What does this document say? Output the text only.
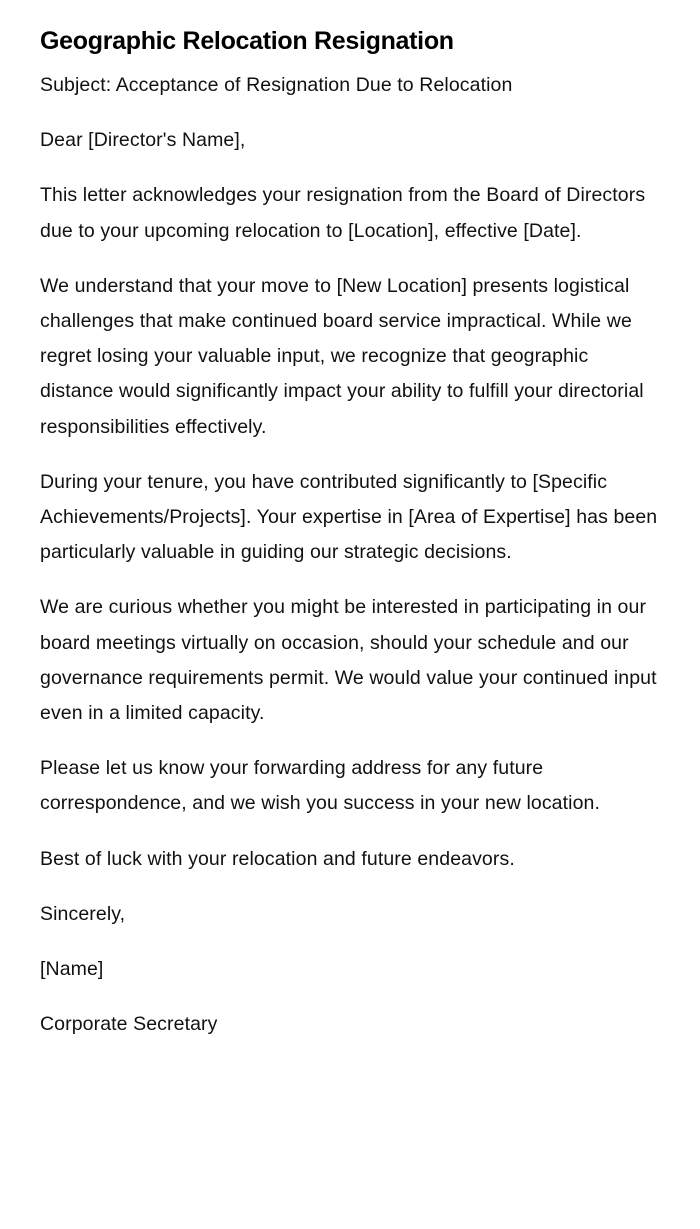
Geographic Relocation Resignation

Subject: Acceptance of Resignation Due to Relocation

Dear [Director's Name],

This letter acknowledges your resignation from the Board of Directors due to your upcoming relocation to [Location], effective [Date].

We understand that your move to [New Location] presents logistical challenges that make continued board service impractical. While we regret losing your valuable input, we recognize that geographic distance would significantly impact your ability to fulfill your directorial responsibilities effectively.

During your tenure, you have contributed significantly to [Specific Achievements/Projects]. Your expertise in [Area of Expertise] has been particularly valuable in guiding our strategic decisions.

We are curious whether you might be interested in participating in our board meetings virtually on occasion, should your schedule and our governance requirements permit. We would value your continued input even in a limited capacity.

Please let us know your forwarding address for any future correspondence, and we wish you success in your new location.

Best of luck with your relocation and future endeavors.

Sincerely,

[Name]

Corporate Secretary
